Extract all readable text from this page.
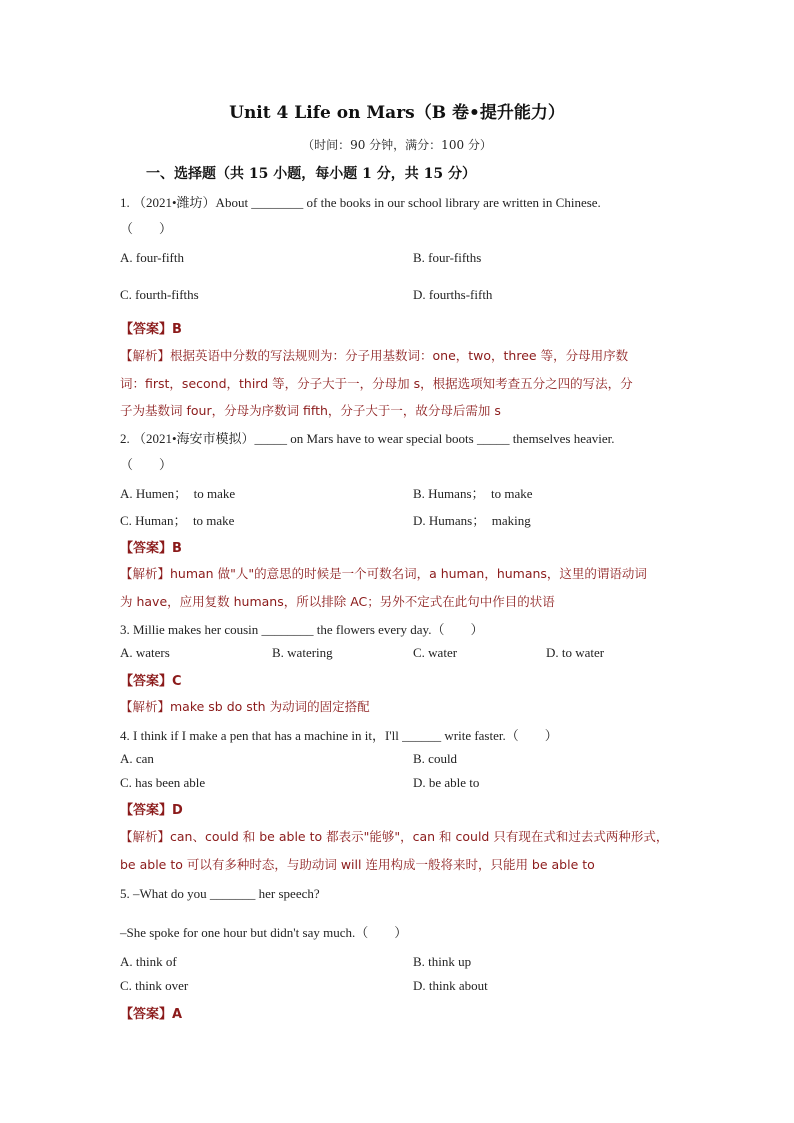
Unit 4 Life on Mars（B 卷•提升能力）
（时间：90 分钟，满分：100 分）
一、选择题（共 15 小题，每小题 1 分，共 15 分）
1. （2021•潍坊）About ________ of the books in our school library are written in Chinese.
（　　）
A. four-fifth	B. four-fifths
C. fourth-fifths	D. fourths-fifth
【答案】B
【解析】根据英语中分数的写法规则为：分子用基数词：one，two，three 等，分母用序数
词：first，second，third 等，分子大于一，分母加 s，根据选项知考查五分之四的写法，分
子为基数词 four，分母为序数词 fifth，分子大于一，故分母后需加 s
2. （2021•海安市模拟）_____ on Mars have to wear special boots _____ themselves heavier.
（　　）
A. Humen；　to make	B. Humans；　to make
C. Human；　to make	D. Humans；　making
【答案】B
【解析】human 做"人"的意思的时候是一个可数名词，a human，humans，这里的谓语动词
为 have，应用复数 humans，所以排除 AC；另外不定式在此句中作目的状语
3. Millie makes her cousin ________ the flowers every day.（　　）
A. waters	B. watering	C. water	D. to water
【答案】C
【解析】make sb do sth 为动词的固定搭配
4. I think if I make a pen that has a machine in it，I'll ______ write faster.（　　）
A. can	B. could
C. has been able	D. be able to
【答案】D
【解析】can、could 和 be able to 都表示"能够"，can 和 could 只有现在式和过去式两种形式，
be able to 可以有多种时态，与助动词 will 连用构成一般将来时，只能用 be able to
5. –What do you _______ her speech?
–She spoke for one hour but didn't say much.（　　）
A. think of	B. think up
C. think over	D. think about
【答案】A
